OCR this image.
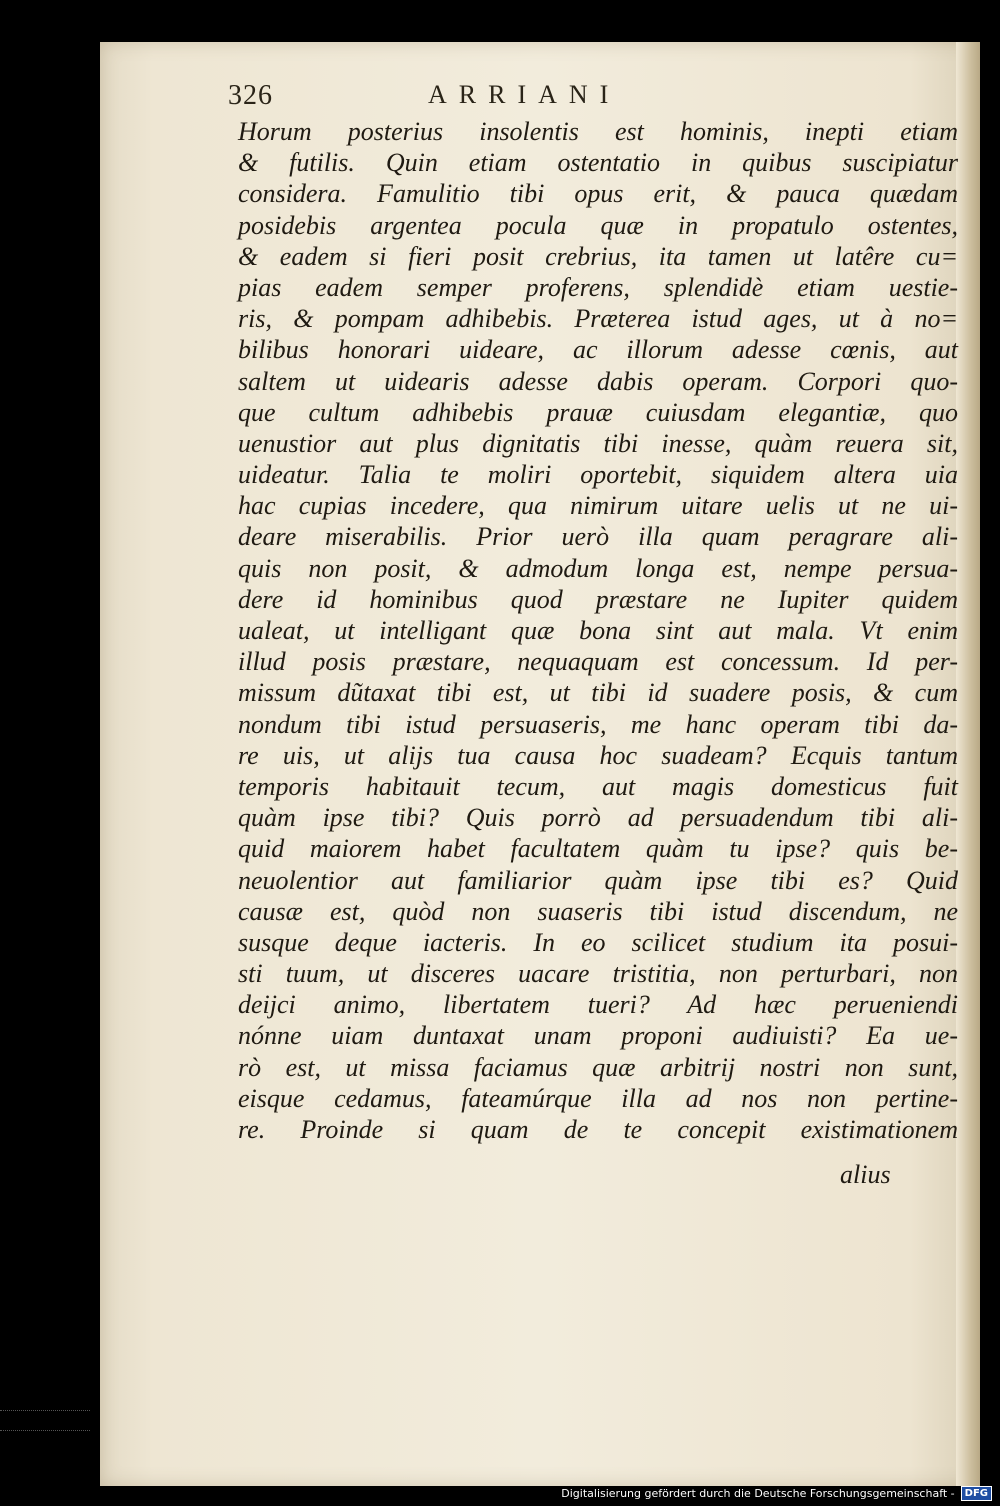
326	ARRIANI
Horum posterius insolentis est hominis, inepti etiam
& futilis. Quin etiam ostentatio in quibus suscipiatur
considera. Famulitio tibi opus erit, & pauca quædam
posidebis argentea pocula quæ in propatulo ostentes,
& eadem si fieri posit crebrius, ita tamen ut latêre cu=
pias eadem semper proferens, splendidè etiam uestie-
ris, & pompam adhibebis. Præterea istud ages, ut à no=
bilibus honorari uideare, ac illorum adesse cœnis, aut
saltem ut uidearis adesse dabis operam. Corpori quo-
que cultum adhibebis prauæ cuiusdam elegantiæ, quo
uenustior aut plus dignitatis tibi inesse, quàm reuera sit,
uideatur. Talia te moliri oportebit, siquidem altera uia
hac cupias incedere, qua nimirum uitare uelis ut ne ui-
deare miserabilis. Prior uerò illa quam peragrare ali-
quis non posit, & admodum longa est, nempe persua-
dere id hominibus quod præstare ne Iupiter quidem
ualeat, ut intelligant quæ bona sint aut mala. Vt enim
illud posis præstare, nequaquam est concessum. Id per-
missum dũtaxat tibi est, ut tibi id suadere posis, & cum
nondum tibi istud persuaseris, me hanc operam tibi da-
re uis, ut alijs tua causa hoc suadeam? Ecquis tantum
temporis habitauit tecum, aut magis domesticus fuit
quàm ipse tibi? Quis porrò ad persuadendum tibi ali-
quid maiorem habet facultatem quàm tu ipse? quis be-
neuolentior aut familiarior quàm ipse tibi es? Quid
causæ est, quòd non suaseris tibi istud discendum, ne
susque deque iacteris. In eo scilicet studium ita posui-
sti tuum, ut disceres uacare tristitia, non perturbari, non
deijci animo, libertatem tueri? Ad hæc perueniendi
nónne uiam duntaxat unam proponi audiuisti? Ea ue-
rò est, ut missa faciamus quæ arbitrij nostri non sunt,
eisque cedamus, fateamúrque illa ad nos non pertine-
re. Proinde si quam de te concepit existimationem
alius
Digitalisierung gefördert durch die Deutsche Forschungsgemeinschaft -	DFG
